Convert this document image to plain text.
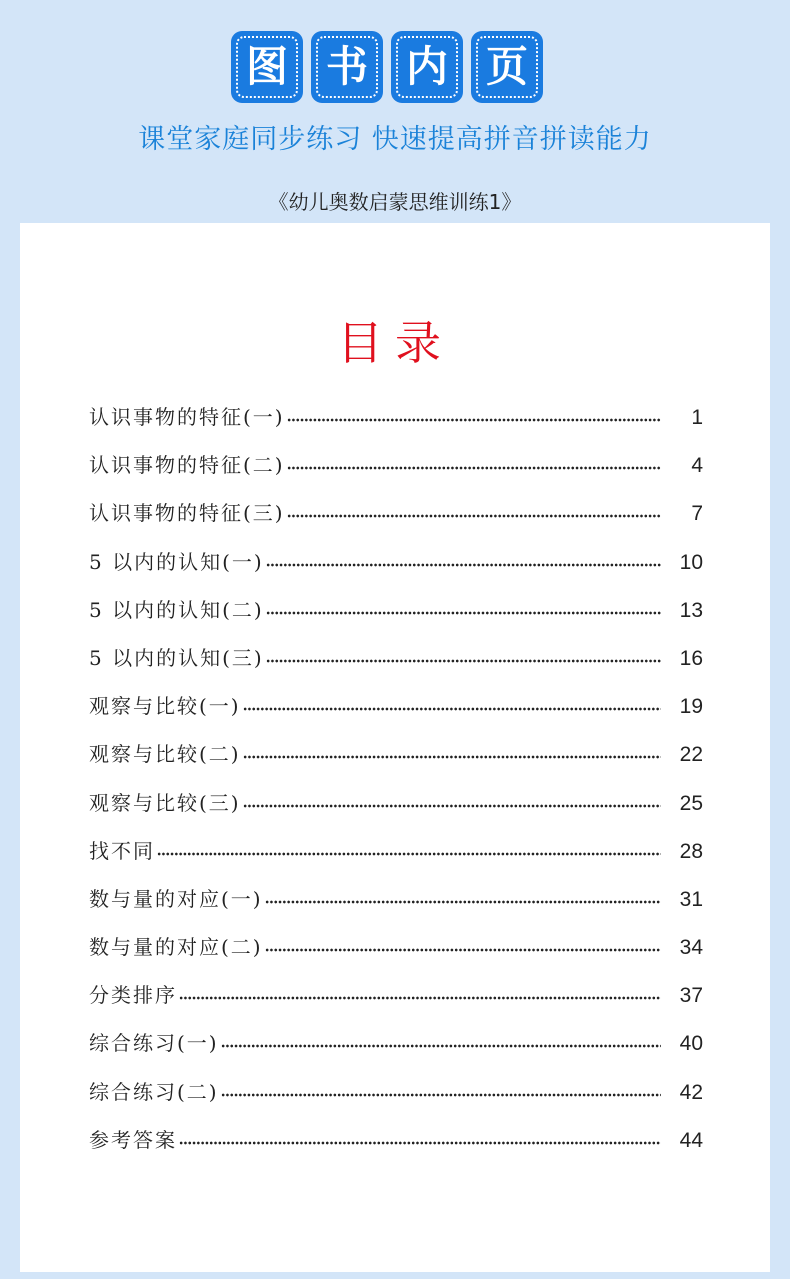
图 书 内 页
课堂家庭同步练习 快速提高拼音拼读能力
《幼儿奥数启蒙思维训练1》
目录
认识事物的特征(一)	1
认识事物的特征(二)	4
认识事物的特征(三)	7
5 以内的认知(一)	10
5 以内的认知(二)	13
5 以内的认知(三)	16
观察与比较(一)	19
观察与比较(二)	22
观察与比较(三)	25
找不同	28
数与量的对应(一)	31
数与量的对应(二)	34
分类排序	37
综合练习(一)	40
综合练习(二)	42
参考答案	44
